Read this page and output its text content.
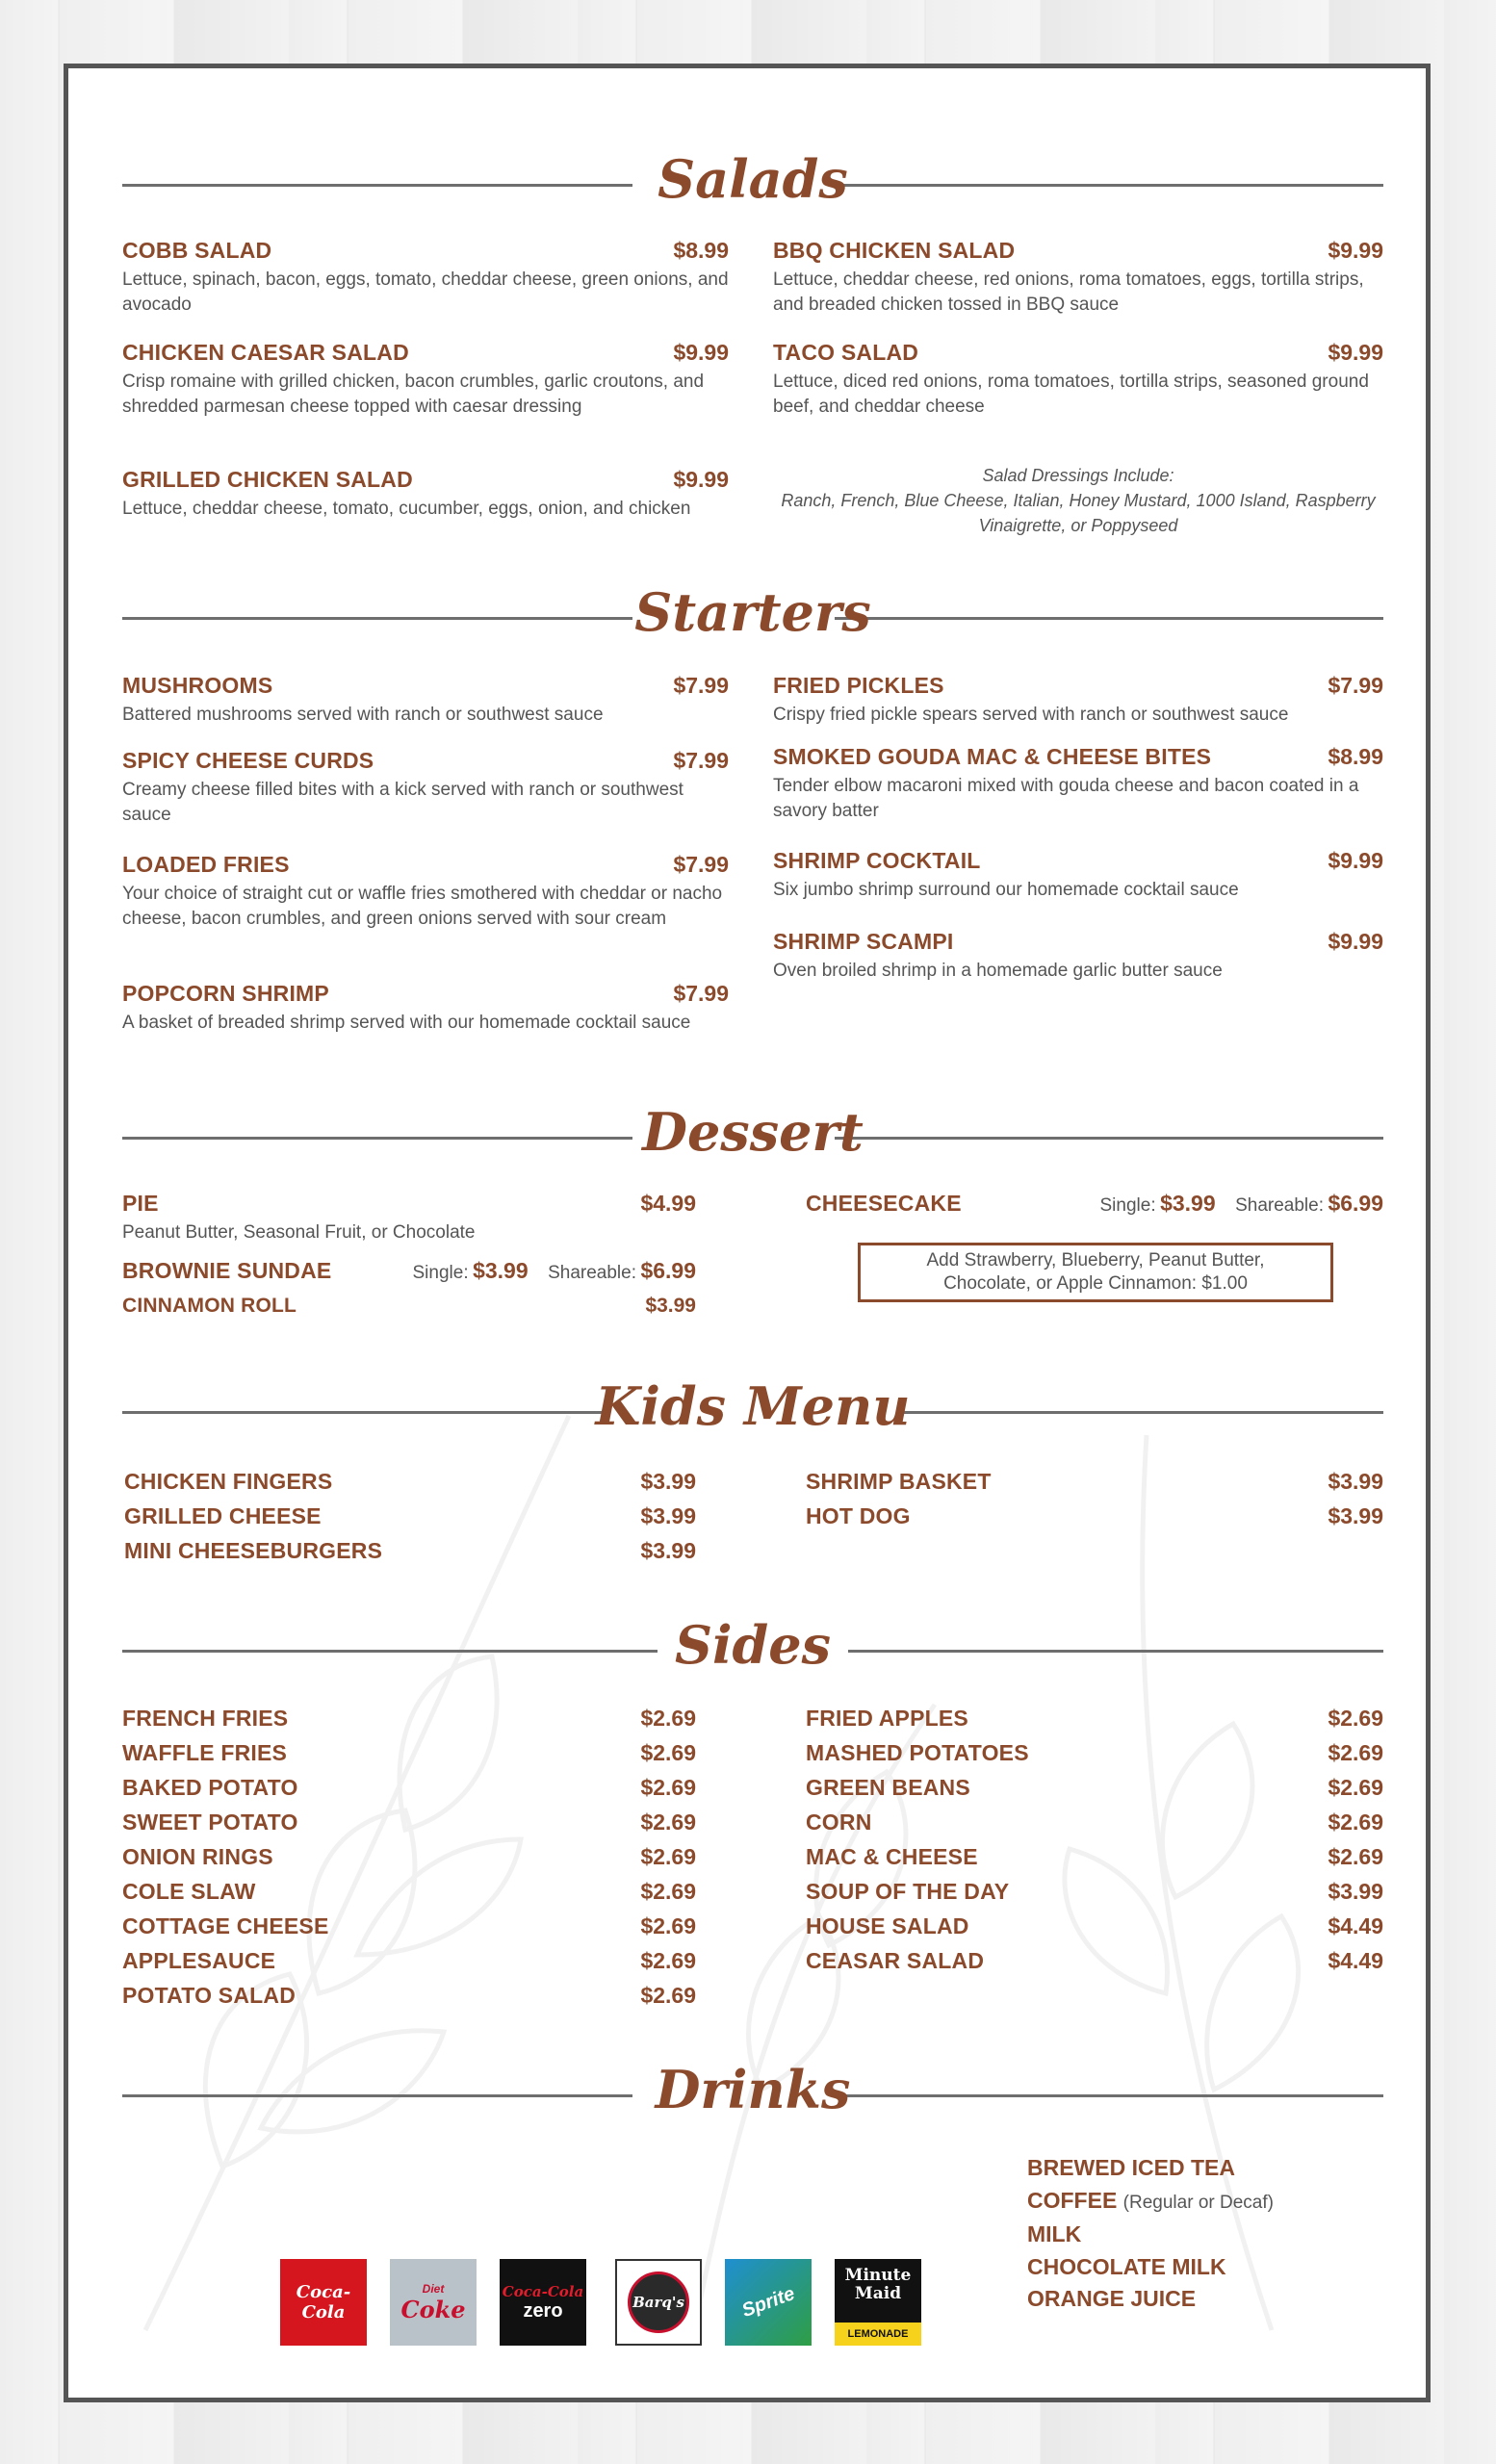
Salads
COBB SALAD	$8.99
Lettuce, spinach, bacon, eggs, tomato, cheddar cheese, green onions, and avocado
CHICKEN CAESAR SALAD	$9.99
Crisp romaine with grilled chicken, bacon crumbles, garlic croutons, and shredded parmesan cheese topped with caesar dressing
GRILLED CHICKEN SALAD	$9.99
Lettuce, cheddar cheese, tomato, cucumber, eggs, onion, and chicken
BBQ CHICKEN SALAD	$9.99
Lettuce, cheddar cheese, red onions, roma tomatoes, eggs, tortilla strips, and breaded chicken tossed in BBQ sauce
TACO SALAD	$9.99
Lettuce, diced red onions, roma tomatoes, tortilla strips, seasoned ground beef, and cheddar cheese
Salad Dressings Include:
Ranch, French, Blue Cheese, Italian, Honey Mustard, 1000 Island, Raspberry Vinaigrette, or Poppyseed
Starters
MUSHROOMS	$7.99
Battered mushrooms served with ranch or southwest sauce
SPICY CHEESE CURDS	$7.99
Creamy cheese filled bites with a kick served with ranch or southwest sauce
LOADED FRIES	$7.99
Your choice of straight cut or waffle fries smothered with cheddar or nacho cheese, bacon crumbles, and green onions served with sour cream
POPCORN SHRIMP	$7.99
A basket of breaded shrimp served with our homemade cocktail sauce
FRIED PICKLES	$7.99
Crispy fried pickle spears served with ranch or southwest sauce
SMOKED GOUDA MAC & CHEESE BITES	$8.99
Tender elbow macaroni mixed with gouda cheese and bacon coated in a savory batter
SHRIMP COCKTAIL	$9.99
Six jumbo shrimp surround our homemade cocktail sauce
SHRIMP SCAMPI	$9.99
Oven broiled shrimp in a homemade garlic butter sauce
Dessert
PIE	$4.99
Peanut Butter, Seasonal Fruit, or Chocolate
BROWNIE SUNDAE	Single: $3.99 Shareable: $6.99
CINNAMON ROLL	$3.99
CHEESECAKE	Single: $3.99 Shareable: $6.99
Add Strawberry, Blueberry, Peanut Butter,
Chocolate, or Apple Cinnamon: $1.00
Kids Menu
CHICKEN FINGERS	$3.99
GRILLED CHEESE	$3.99
MINI CHEESEBURGERS	$3.99
SHRIMP BASKET	$3.99
HOT DOG	$3.99
Sides
FRENCH FRIES	$2.69
WAFFLE FRIES	$2.69
BAKED POTATO	$2.69
SWEET POTATO	$2.69
ONION RINGS	$2.69
COLE SLAW	$2.69
COTTAGE CHEESE	$2.69
APPLESAUCE	$2.69
POTATO SALAD	$2.69
FRIED APPLES	$2.69
MASHED POTATOES	$2.69
GREEN BEANS	$2.69
CORN	$2.69
MAC & CHEESE	$2.69
SOUP OF THE DAY	$3.99
HOUSE SALAD	$4.49
CEASAR SALAD	$4.49
Drinks
Coca-Cola
Diet
Coke
Coca-Cola
zero	Barq's	Sprite
Minute Maid
LEMONADE
BREWED ICED TEA
COFFEE (Regular or Decaf)
MILK
CHOCOLATE MILK
ORANGE JUICE
